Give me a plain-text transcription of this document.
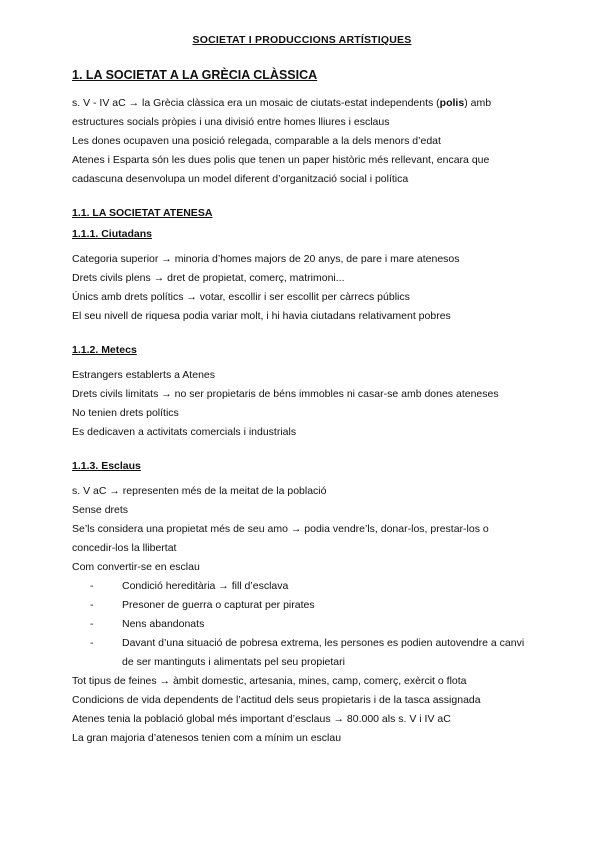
SOCIETAT I PRODUCCIONS ARTÍSTIQUES
1. LA SOCIETAT A LA GRÈCIA CLÀSSICA

s. V - IV aC → la Grècia clàssica era un mosaic de ciutats-estat independents (polis) amb estructures socials pròpies i una divisió entre homes lliures i esclaus

Les dones ocupaven una posició relegada, comparable a la dels menors d’edat

Atenes i Esparta són les dues polis que tenen un paper històric més rellevant, encara que cadascuna desenvolupa un model diferent d’organització social i política

1.1. LA SOCIETAT ATENESA
1.1.1. Ciutadans

Categoria superior → minoria d’homes majors de 20 anys, de pare i mare atenesos

Drets civils plens → dret de propietat, comerç, matrimoni...

Únics amb drets polítics → votar, escollir i ser escollit per càrrecs públics

El seu nivell de riquesa podia variar molt, i hi havia ciutadans relativament pobres

1.1.2. Metecs

Estrangers establerts a Atenes

Drets civils limitats → no ser propietaris de béns immobles ni casar-se amb dones ateneses

No tenien drets polítics

Es dedicaven a activitats comercials i industrials

1.1.3. Esclaus

s. V aC → representen més de la meitat de la població

Sense drets

Se’ls considera una propietat més de seu amo → podia vendre’ls, donar-los, prestar-los o concedir-los la llibertat

Com convertir-se en esclau

-	Condició hereditària → fill d’esclava
-	Presoner de guerra o capturat per pirates
-	Nens abandonats
-	Davant d’una situació de pobresa extrema, les persones es podien autovendre a canvi de ser mantinguts i alimentats pel seu propietari

Tot tipus de feines → àmbit domestic, artesania, mines, camp, comerç, exèrcit o flota

Condicions de vida dependents de l’actitud dels seus propietaris i de la tasca assignada

Atenes tenia la població global més important d’esclaus → 80.000 als s. V i IV aC

La gran majoria d’atenesos tenien com a mínim un esclau
